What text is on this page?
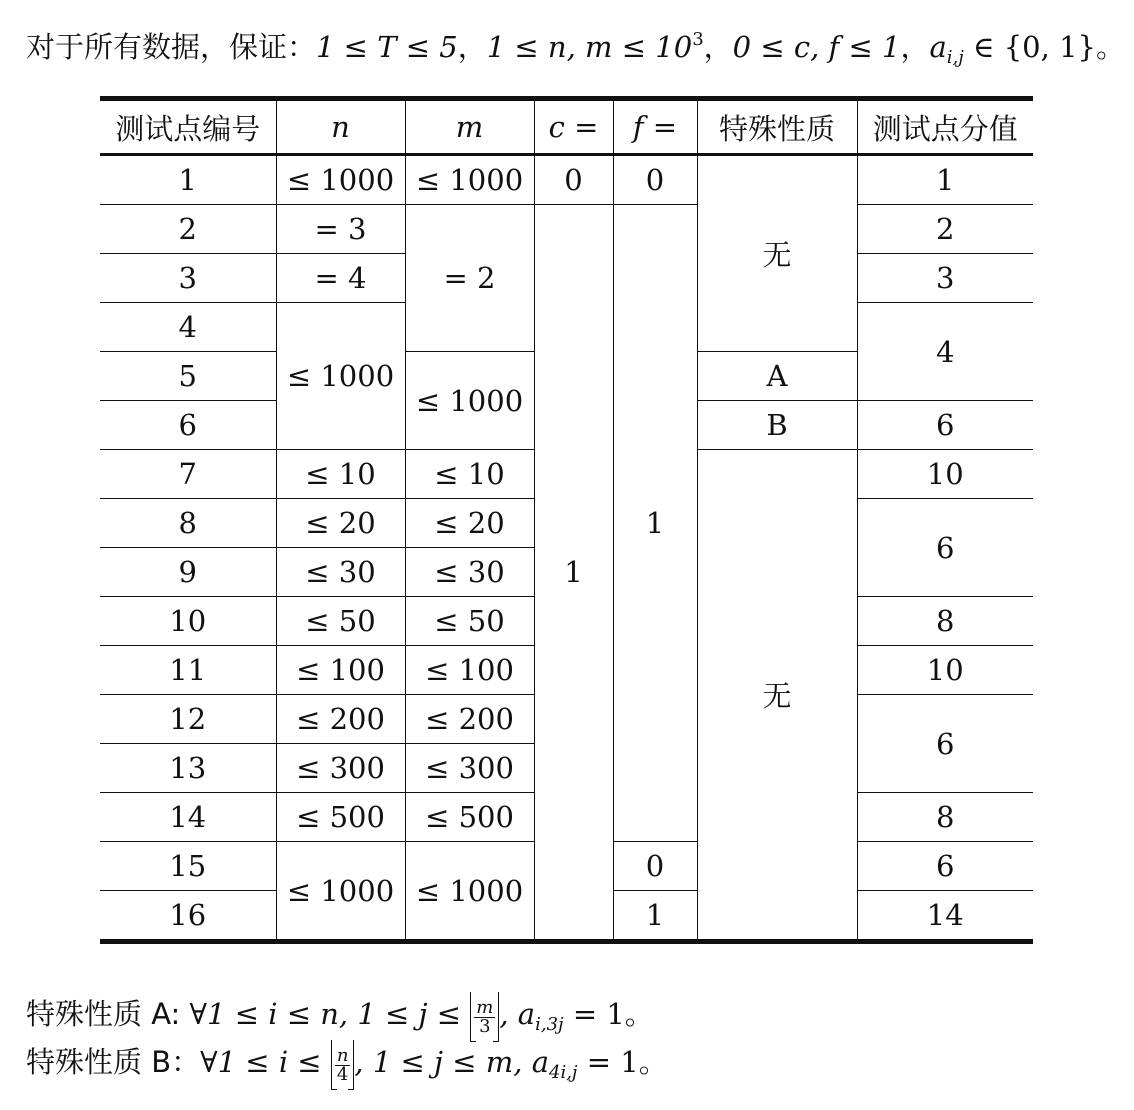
对于所有数据，保证：1 ≤ T ≤ 5，1 ≤ n, $m \le 10^3$，0 ≤ c, f ≤ 1，$a_{i,j}$ ∈ {0, 1}。
测试点编号	n	m	c =	f =	特殊性质	测试点分值
1	≤ 1000	≤ 1000	0	0	无	1
2	= 3	= 2	1	1		2
3	= 4					3
4	≤ 1000					4
5		≤ 1000			A	
6					B	6
7	≤ 10	≤ 10			无	10
8	≤ 20	≤ 20				6
9	≤ 30	≤ 30				
10	≤ 50	≤ 50				8
11	≤ 100	≤ 100				10
12	≤ 200	≤ 200				6
13	≤ 300	≤ 300				
14	≤ 500	≤ 500				8
15	≤ 1000	≤ 1000		0		6
16				1		14
特殊性质 A: ∀1 ≤ i ≤ n, $1 \le j \le \frac{m}{3}$ , $a_{i,3j} = 1$。
特殊性质 B：∀1 ≤ $i \le \frac{n}{4}$ , 1 ≤ j ≤ m, $a_{4i,j} = 1$。
